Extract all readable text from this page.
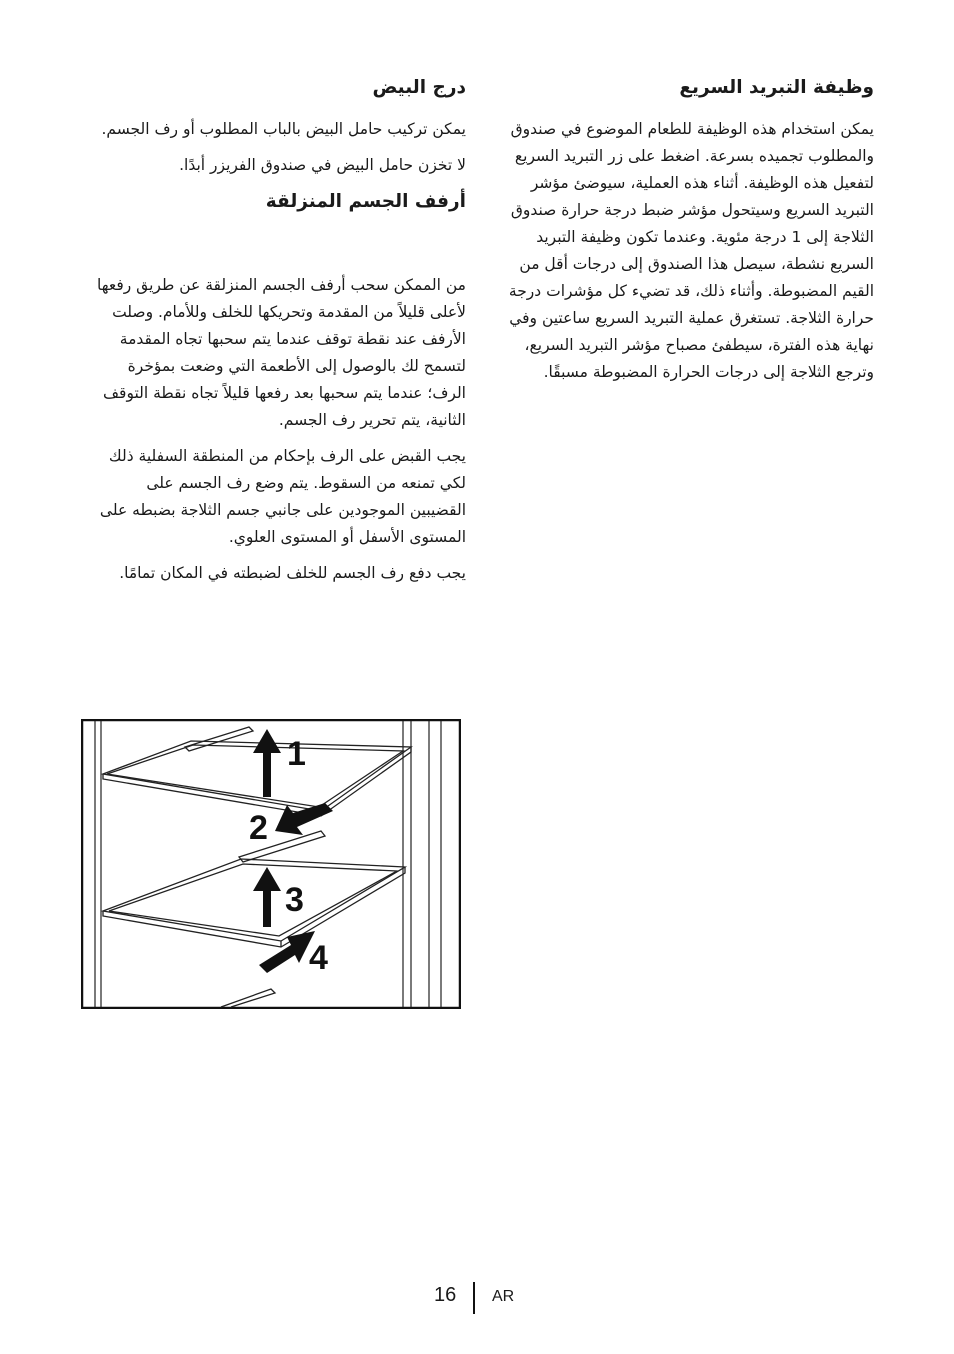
وظيفة التبريد السريع

يمكن استخدام هذه الوظيفة للطعام الموضوع في صندوق والمطلوب تجميده بسرعة. اضغط على زر التبريد السريع لتفعيل هذه الوظيفة. أثناء هذه العملية، سيوضئ مؤشر التبريد السريع وسيتحول مؤشر ضبط درجة حرارة صندوق الثلاجة إلى 1 درجة مئوية. وعندما تكون وظيفة التبريد السريع نشطة، سيصل هذا الصندوق إلى درجات أقل من القيم المضبوطة. وأثناء ذلك، قد تضيء كل مؤشرات درجة حرارة الثلاجة. تستغرق عملية التبريد السريع ساعتين وفي نهاية هذه الفترة، سيطفئ مصباح مؤشر التبريد السريع، وترجع الثلاجة إلى درجات الحرارة المضبوطة مسبقًا.

درج البيض

يمكن تركيب حامل البيض بالباب المطلوب أو رف الجسم.

لا تخزن حامل البيض في صندوق الفريزر أبدًا.

أرفف الجسم المنزلقة

من الممكن سحب أرفف الجسم المنزلقة عن طريق رفعها لأعلى قليلاً من المقدمة وتحريكها للخلف وللأمام. وصلت الأرفف عند نقطة توقف عندما يتم سحبها تجاه المقدمة لتسمح لك بالوصول إلى الأطعمة التي وضعت بمؤخرة الرف؛ عندما يتم سحبها بعد رفعها قليلاً تجاه نقطة التوقف الثانية، يتم تحرير رف الجسم.

يجب القبض على الرف بإحكام من المنطقة السفلية ذلك لكي تمنعه من السقوط. يتم وضع رف الجسم على القضيبين الموجودين على جانبي جسم الثلاجة بضبطه على المستوى الأسفل أو المستوى العلوي.

يجب دفع رف الجسم للخلف لضبطته في المكان تمامًا.

1
2
3
4
16 AR
